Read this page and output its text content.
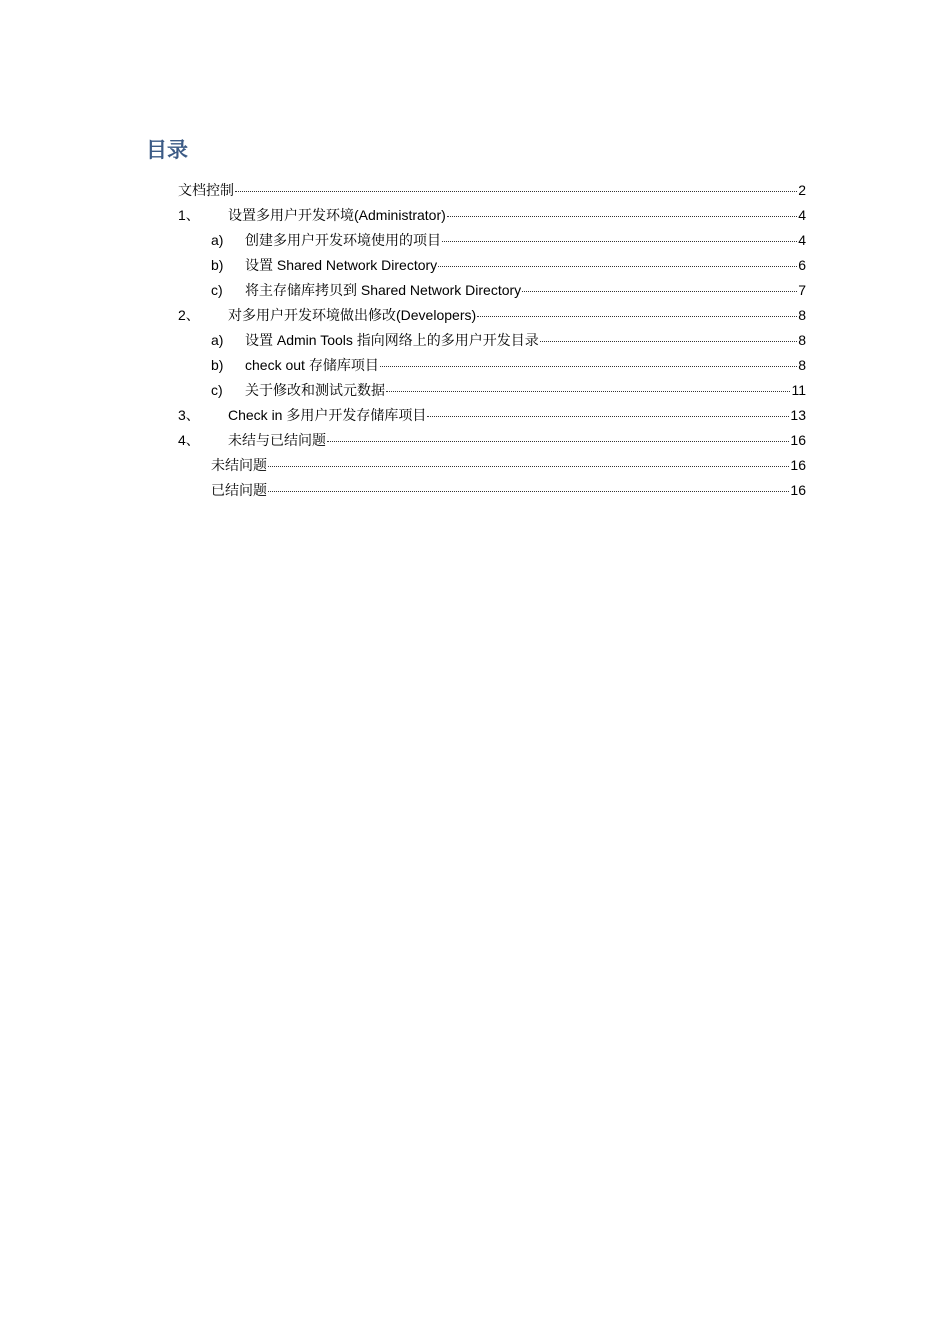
目录
文档控制	2
1、	设置多用户开发环境(Administrator)	4
a)	创建多用户开发环境使用的项目	4
b)	设置 Shared Network Directory	6
c)	将主存储库拷贝到 Shared Network Directory	7
2、	对多用户开发环境做出修改(Developers)	8
a)	设置 Admin Tools 指向网络上的多用户开发目录	8
b)	check out 存储库项目	8
c)	关于修改和测试元数据	11
3、	Check in 多用户开发存储库项目	13
4、	未结与已结问题	16
未结问题	16
已结问题	16
